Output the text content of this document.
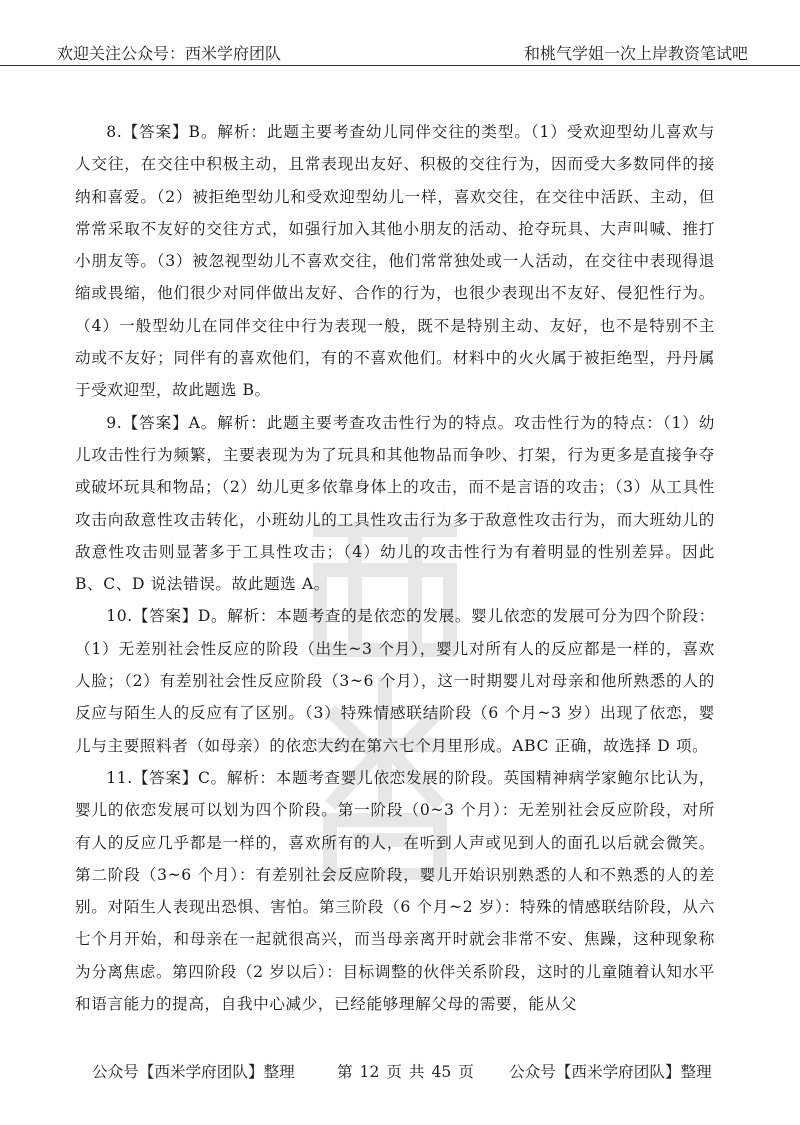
欢迎关注公众号：西米学府团队	和桃气学姐一次上岸教资笔试吧

8.【答案】B。解析：此题主要考查幼儿同伴交往的类型。（1）受欢迎型幼儿喜欢与人交往，在交往中积极主动，且常表现出友好、积极的交往行为，因而受大多数同伴的接纳和喜爱。（2）被拒绝型幼儿和受欢迎型幼儿一样，喜欢交往，在交往中活跃、主动，但常常采取不友好的交往方式，如强行加入其他小朋友的活动、抢夺玩具、大声叫喊、推打小朋友等。（3）被忽视型幼儿不喜欢交往，他们常常独处或一人活动，在交往中表现得退缩或畏缩，他们很少对同伴做出友好、合作的行为，也很少表现出不友好、侵犯性行为。（4）一般型幼儿在同伴交往中行为表现一般，既不是特别主动、友好，也不是特别不主动或不友好；同伴有的喜欢他们，有的不喜欢他们。材料中的火火属于被拒绝型，丹丹属于受欢迎型，故此题选 B。

9.【答案】A。解析：此题主要考查攻击性行为的特点。攻击性行为的特点：（1）幼儿攻击性行为频繁，主要表现为为了玩具和其他物品而争吵、打架，行为更多是直接争夺或破坏玩具和物品；（2）幼儿更多依靠身体上的攻击，而不是言语的攻击；（3）从工具性攻击向敌意性攻击转化，小班幼儿的工具性攻击行为多于敌意性攻击行为，而大班幼儿的敌意性攻击则显著多于工具性攻击；（4）幼儿的攻击性行为有着明显的性别差异。因此 B、C、D 说法错误。故此题选 A。

10.【答案】D。解析：本题考查的是依恋的发展。婴儿依恋的发展可分为四个阶段：（1）无差别社会性反应的阶段（出生~3 个月），婴儿对所有人的反应都是一样的，喜欢人脸；（2）有差别社会性反应阶段（3~6 个月），这一时期婴儿对母亲和他所熟悉的人的反应与陌生人的反应有了区别。（3）特殊情感联结阶段（6 个月~3 岁）出现了依恋，婴儿与主要照料者（如母亲）的依恋大约在第六七个月里形成。ABC 正确，故选择 D 项。

11.【答案】C。解析：本题考查婴儿依恋发展的阶段。英国精神病学家鲍尔比认为，婴儿的依恋发展可以划为四个阶段。第一阶段（0~3 个月）：无差别社会反应阶段，对所有人的反应几乎都是一样的，喜欢所有的人，在听到人声或见到人的面孔以后就会微笑。第二阶段（3~6 个月）：有差别社会反应阶段，婴儿开始识别熟悉的人和不熟悉的人的差别。对陌生人表现出恐惧、害怕。第三阶段（6 个月~2 岁）：特殊的情感联结阶段，从六七个月开始，和母亲在一起就很高兴，而当母亲离开时就会非常不安、焦躁，这种现象称为分离焦虑。第四阶段（2 岁以后）：目标调整的伙伴关系阶段，这时的儿童随着认知水平和语言能力的提高，自我中心减少，已经能够理解父母的需要，能从父

公众号【西米学府团队】整理	第 12 页 共 45 页 公众号【西米学府团队】整理
